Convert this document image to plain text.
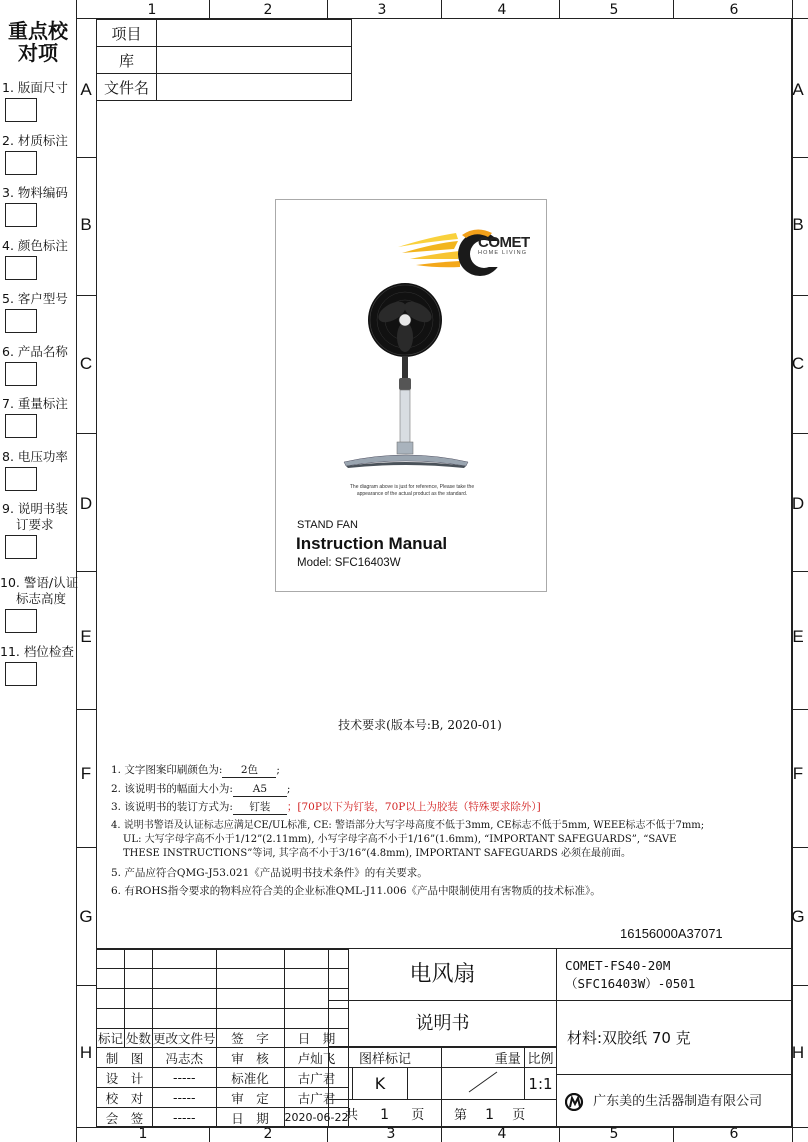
1	2	3	4	5	6
1	2	3	4	5	6
A
B
C
D
E
F
G
H
A
B
C
D
E
F
G
H
重点校对项
1. 版面尺寸
2. 材质标注
3. 物料编码
4. 颜色标注
5. 客户型号
6. 产品名称
7. 重量标注
8. 电压功率
9. 说明书装
订要求
10. 警语/认证
标志高度
11. 档位检查
项目	
库	
文件名	
COMET
HOME LIVING
The diagram above is just for reference, Please take the
appearance of the actual product as the standard.
STAND FAN
Instruction Manual
Model: SFC16403W
技术要求(版本号:B, 2020-01)
1. 文字图案印刷颜色为: 2色 ;
2. 该说明书的幅面大小为: A5 ;
3. 该说明书的装订方式为: 钉装 ；[70P以下为钉装，70P以上为胶装（特殊要求除外）]
4. 说明书警语及认证标志应满足CE/UL标准, CE: 警语部分大写字母高度不低于3mm, CE标志不低于5mm, WEEE标志不低于7mm;
UL: 大写字母字高不小于1/12”(2.11mm), 小写字母字高不小于1/16”(1.6mm), “IMPORTANT SAFEGUARDS”, “SAVE
THESE INSTRUCTIONS”等词, 其字高不小于3/16”(4.8mm), IMPORTANT SAFEGUARDS 必须在最前面。
5. 产品应符合QMG-J53.021《产品说明书技术条件》的有关要求。
6. 有ROHS指令要求的物料应符合美的企业标准QML-J11.006《产品中限制使用有害物质的技术标准》。
16156000A37071

标记	处数	更改文件号	签　字	日　期
制　图		冯志杰	审　核	卢灿飞
设　计		-----	标准化	古广君
校　对		-----	审　定	古广君
会　签		-----	日　期	2020-06-22
电风扇
说明书
图样标记				重量	比例
	K				1:1
共 1 页			第 1 页		
COMET-FS40-20M
（SFC16403W）-0501
材料:双胶纸 70 克
广东美的生活器制造有限公司
